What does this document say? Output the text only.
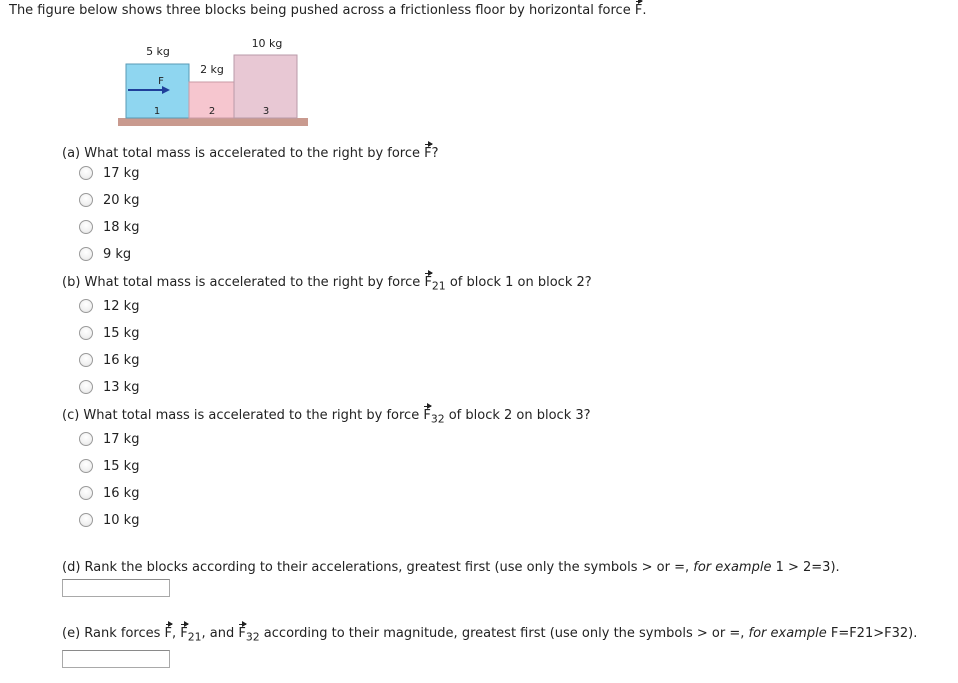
The figure below shows three blocks being pushed across a frictionless floor by horizontal force F.
5 kg
2 kg
10 kg
F
1	2	3
(a) What total mass is accelerated to the right by force F?
17 kg
20 kg
18 kg
9 kg
(b) What total mass is accelerated to the right by force $F_{21}$ of block 1 on block 2?
12 kg
15 kg
16 kg
13 kg
(c) What total mass is accelerated to the right by force $F_{32}$ of block 2 on block 3?
17 kg
15 kg
16 kg
10 kg
(d) Rank the blocks according to their accelerations, greatest first (use only the symbols > or =, for example 1 > 2=3).
(e) Rank forces F, $F_{21}$, and $F_{32}$ according to their magnitude, greatest first (use only the symbols > or =, for example F=F21>F32).
